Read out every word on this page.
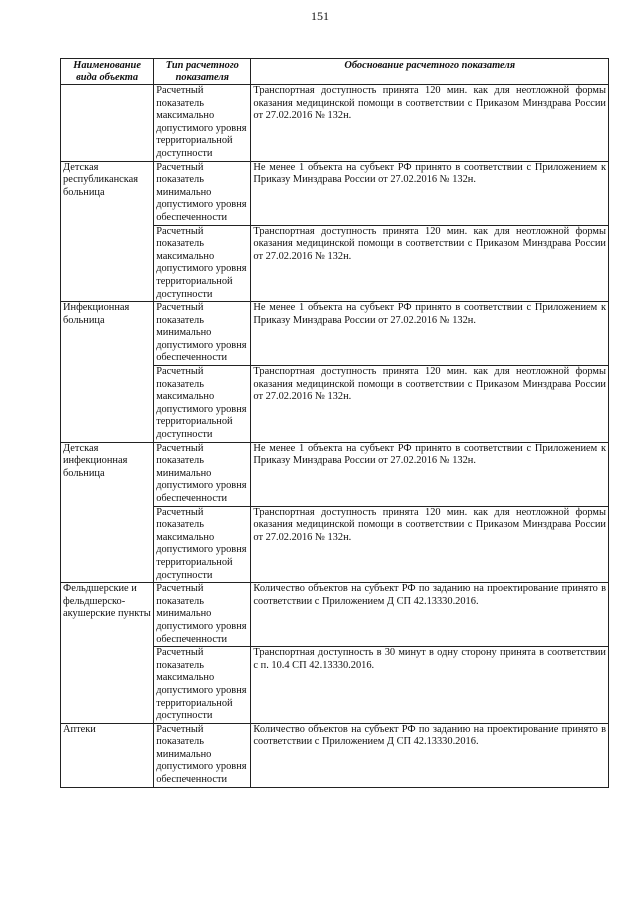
151
Наименование вида объекта	Тип расчетного показателя	Обоснование расчетного показателя
	Расчетный показатель максимально допустимого уровня территориальной доступности	Транспортная доступность принята 120 мин. как для неотложной формы оказания медицинской помощи в соответствии с Приказом Минздрава России от 27.02.2016 № 132н.
Детская республиканская больница	Расчетный показатель минимально допустимого уровня обеспеченности	Не менее 1 объекта на субъект РФ принято в соответствии с Приложением к Приказу Минздрава России от 27.02.2016 № 132н.
	Расчетный показатель максимально допустимого уровня территориальной доступности	Транспортная доступность принята 120 мин. как для неотложной формы оказания медицинской помощи в соответствии с Приказом Минздрава России от 27.02.2016 № 132н.
Инфекционная больница	Расчетный показатель минимально допустимого уровня обеспеченности	Не менее 1 объекта на субъект РФ принято в соответствии с Приложением к Приказу Минздрава России от 27.02.2016 № 132н.
	Расчетный показатель максимально допустимого уровня территориальной доступности	Транспортная доступность принята 120 мин. как для неотложной формы оказания медицинской помощи в соответствии с Приказом Минздрава России от 27.02.2016 № 132н.
Детская инфекционная больница	Расчетный показатель минимально допустимого уровня обеспеченности	Не менее 1 объекта на субъект РФ принято в соответствии с Приложением к Приказу Минздрава России от 27.02.2016 № 132н.
	Расчетный показатель максимально допустимого уровня территориальной доступности	Транспортная доступность принята 120 мин. как для неотложной формы оказания медицинской помощи в соответствии с Приказом Минздрава России от 27.02.2016 № 132н.
Фельдшерские и фельдшерско-акушерские пункты	Расчетный показатель минимально допустимого уровня обеспеченности	Количество объектов на субъект РФ по заданию на проектирование принято в соответствии с Приложением Д СП 42.13330.2016.
	Расчетный показатель максимально допустимого уровня территориальной доступности	Транспортная доступность в 30 минут в одну сторону принята в соответствии с п. 10.4 СП 42.13330.2016.
Аптеки	Расчетный показатель минимально допустимого уровня обеспеченности	Количество объектов на субъект РФ по заданию на проектирование принято в соответствии с Приложением Д СП 42.13330.2016.
